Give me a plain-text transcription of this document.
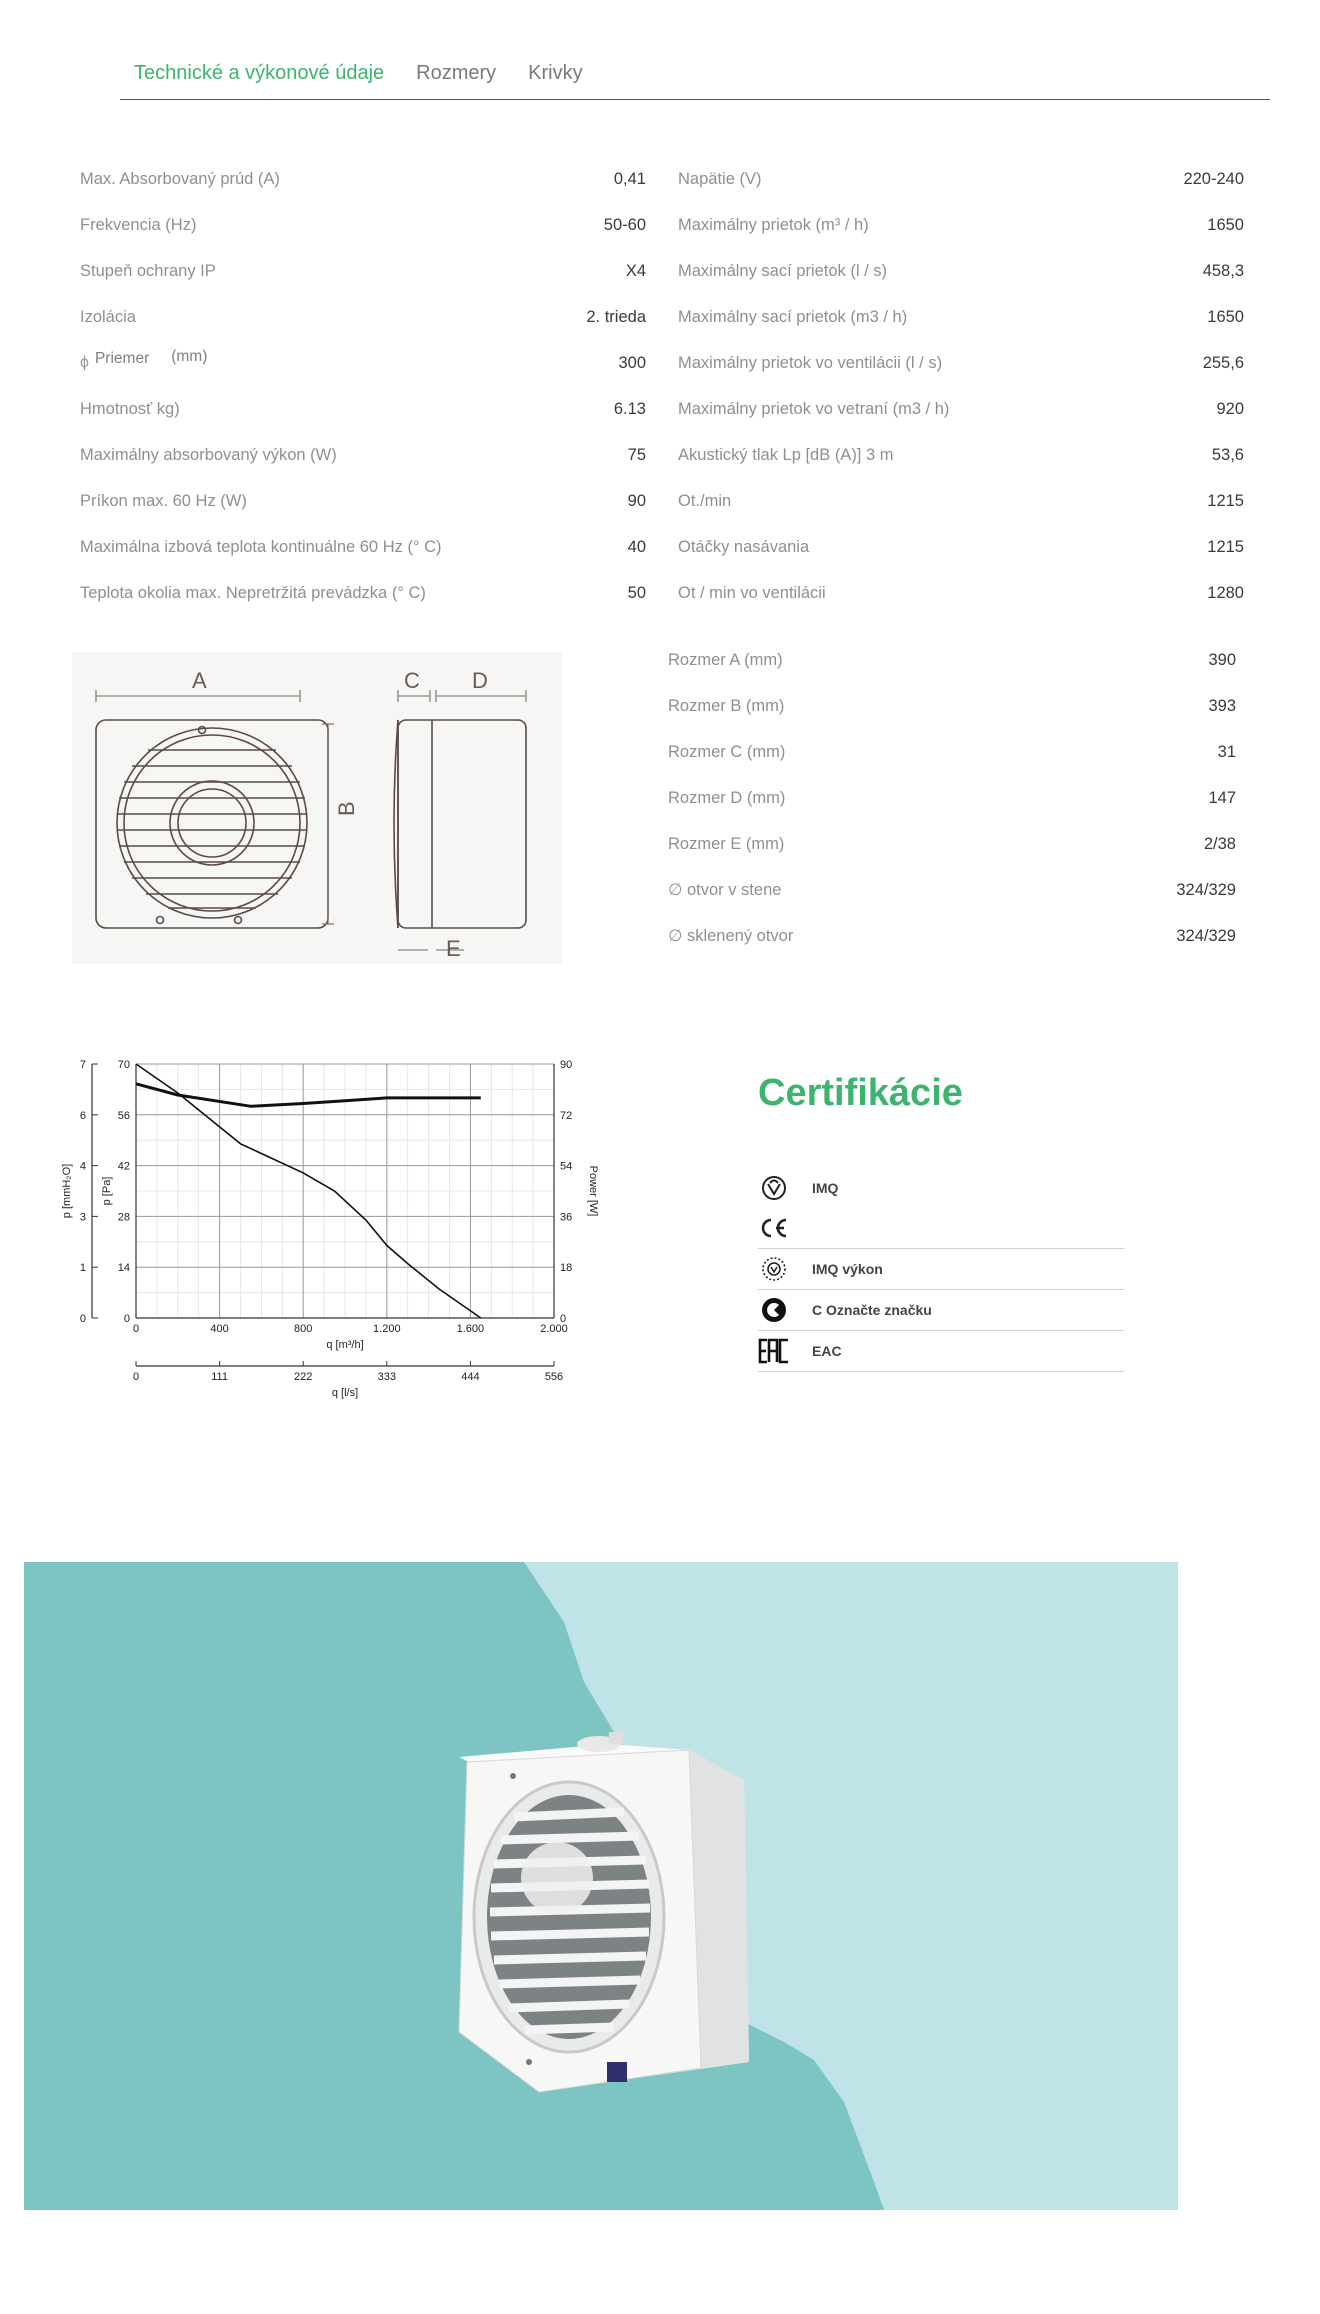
Technické a výkonové údaje Rozmery Krivky
Max. Absorbovaný prúd (A)	0,41
Frekvencia (Hz)	50-60
Stupeň ochrany IP	X4
Izolácia	2. trieda
ϕ Priemer (mm)	300
Hmotnosť kg)	6.13
Maximálny absorbovaný výkon (W)	75
Príkon max. 60 Hz (W)	90
Maximálna izbová teplota kontinuálne 60 Hz (° C)	40
Teplota okolia max. Nepretržitá prevádzka (° C)	50
Napätie (V)	220-240
Maximálny prietok (m³ / h)	1650
Maximálny sací prietok (l / s)	458,3
Maximálny sací prietok (m3 / h)	1650
Maximálny prietok vo ventilácii (l / s)	255,6
Maximálny prietok vo vetraní (m3 / h)	920
Akustický tlak Lp [dB (A)] 3 m	53,6
Ot./min	1215
Otáčky nasávania	1215
Ot / min vo ventilácii	1280
A
B
C D
E
Rozmer A (mm)	390
Rozmer B (mm)	393
Rozmer C (mm)	31
Rozmer D (mm)	147
Rozmer E (mm)	2/38
∅ otvor v stene	324/329
∅ sklenený otvor	324/329
0	400	800	1.200	1.600	2.000
0
0	0
14
1	18
28
3	36
42
4	54
56
6	72
70
7	90
q [m³/h]
p [mmH₂O]	p [Pa]	Power [W]
0	111	222	333	444	556
q [l/s]
Certifikácie
IMQ
IMQ výkon
C Označte značku
EAC
